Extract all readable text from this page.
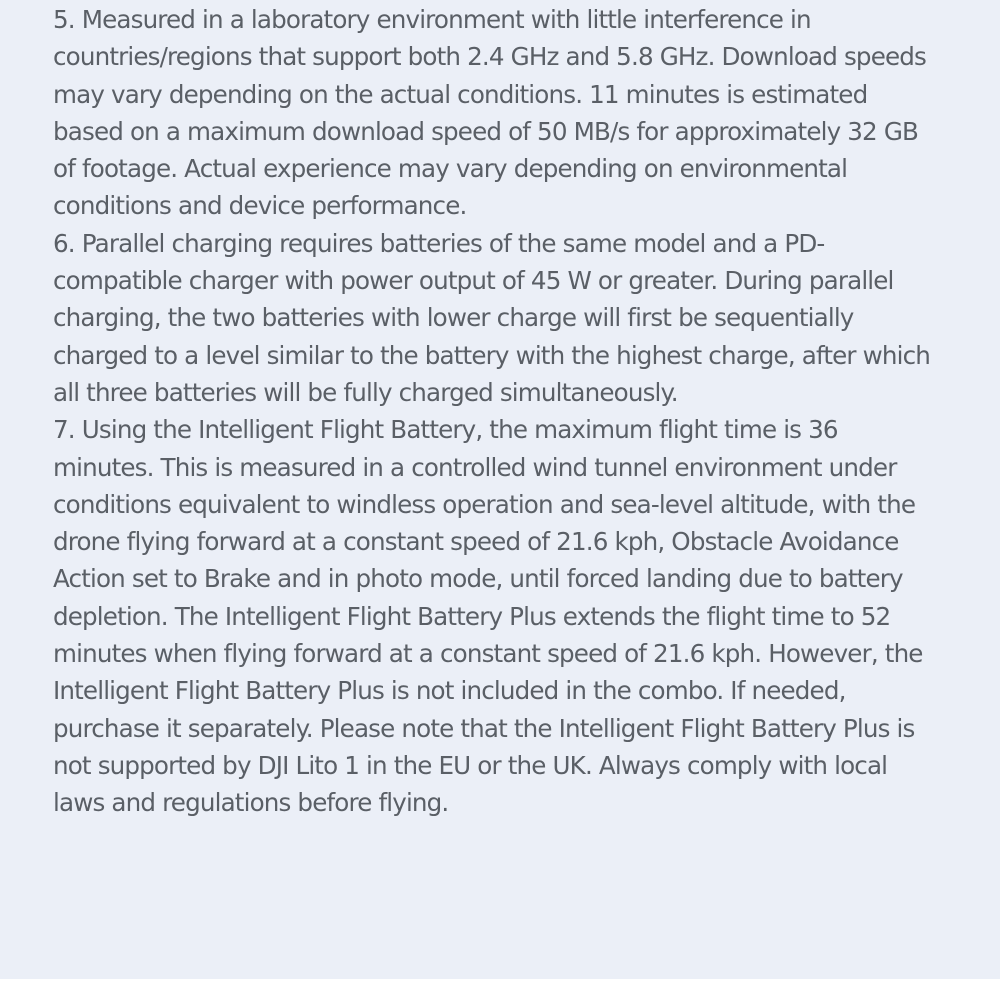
5. Measured in a laboratory environment with little interference in countries/regions that support both 2.4 GHz and 5.8 GHz. Download speeds may vary depending on the actual conditions. 11 minutes is estimated based on a maximum download speed of 50 MB/s for approximately 32 GB of footage. Actual experience may vary depending on environmental conditions and device performance.
6. Parallel charging requires batteries of the same model and a PD-compatible charger with power output of 45 W or greater. During parallel charging, the two batteries with lower charge will first be sequentially charged to a level similar to the battery with the highest charge, after which all three batteries will be fully charged simultaneously.
7. Using the Intelligent Flight Battery, the maximum flight time is 36 minutes. This is measured in a controlled wind tunnel environment under conditions equivalent to windless operation and sea-level altitude, with the drone flying forward at a constant speed of 21.6 kph, Obstacle Avoidance Action set to Brake and in photo mode, until forced landing due to battery depletion. The Intelligent Flight Battery Plus extends the flight time to 52 minutes when flying forward at a constant speed of 21.6 kph. However, the Intelligent Flight Battery Plus is not included in the combo. If needed, purchase it separately. Please note that the Intelligent Flight Battery Plus is not supported by DJI Lito 1 in the EU or the UK. Always comply with local laws and regulations before flying.
